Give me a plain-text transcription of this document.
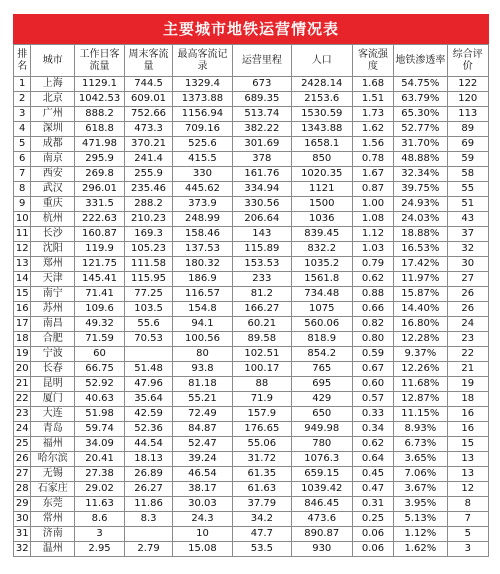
主要城市地铁运营情况表
排名	城市	工作日客流量	周末客流量	最高客流记录	运营里程	人口	客流强度	地铁渗透率	综合评价
1	上海	1129.1	744.5	1329.4	673	2428.14	1.68	54.75%	122
2	北京	1042.53	609.01	1373.88	689.35	2153.6	1.51	63.79%	120
3	广州	888.2	752.66	1156.94	513.74	1530.59	1.73	65.30%	113
4	深圳	618.8	473.3	709.16	382.22	1343.88	1.62	52.77%	89
5	成都	471.98	370.21	525.6	301.69	1658.1	1.56	31.70%	69
6	南京	295.9	241.4	415.5	378	850	0.78	48.88%	59
7	西安	269.8	255.9	330	161.76	1020.35	1.67	32.34%	58
8	武汉	296.01	235.46	445.62	334.94	1121	0.87	39.75%	55
9	重庆	331.5	288.2	373.9	330.56	1500	1.00	24.93%	51
10	杭州	222.63	210.23	248.99	206.64	1036	1.08	24.03%	43
11	长沙	160.87	169.3	158.46	143	839.45	1.12	18.88%	37
12	沈阳	119.9	105.23	137.53	115.89	832.2	1.03	16.53%	32
13	郑州	121.75	111.58	180.32	153.53	1035.2	0.79	17.42%	30
14	天津	145.41	115.95	186.9	233	1561.8	0.62	11.97%	27
15	南宁	71.41	77.25	116.57	81.2	734.48	0.88	15.87%	26
16	苏州	109.6	103.5	154.8	166.27	1075	0.66	14.40%	26
17	南昌	49.32	55.6	94.1	60.21	560.06	0.82	16.80%	24
18	合肥	71.59	70.53	100.56	89.58	818.9	0.80	12.28%	23
19	宁波	60		80	102.51	854.2	0.59	9.37%	22
20	长春	66.75	51.48	93.8	100.17	765	0.67	12.26%	21
21	昆明	52.92	47.96	81.18	88	695	0.60	11.68%	19
22	厦门	40.63	35.64	55.21	71.9	429	0.57	12.87%	18
23	大连	51.98	42.59	72.49	157.9	650	0.33	11.15%	16
24	青岛	59.74	52.36	84.87	176.65	949.98	0.34	8.93%	16
25	福州	34.09	44.54	52.47	55.06	780	0.62	6.73%	15
26	哈尔滨	20.41	18.13	39.24	31.72	1076.3	0.64	3.65%	13
27	无锡	27.38	26.89	46.54	61.35	659.15	0.45	7.06%	13
28	石家庄	29.02	26.27	38.17	61.63	1039.42	0.47	3.67%	12
29	东莞	11.63	11.86	30.03	37.79	846.45	0.31	3.95%	8
30	常州	8.6	8.3	24.3	34.2	473.6	0.25	5.13%	7
31	济南	3		10	47.7	890.87	0.06	1.12%	5
32	温州	2.95	2.79	15.08	53.5	930	0.06	1.62%	3
